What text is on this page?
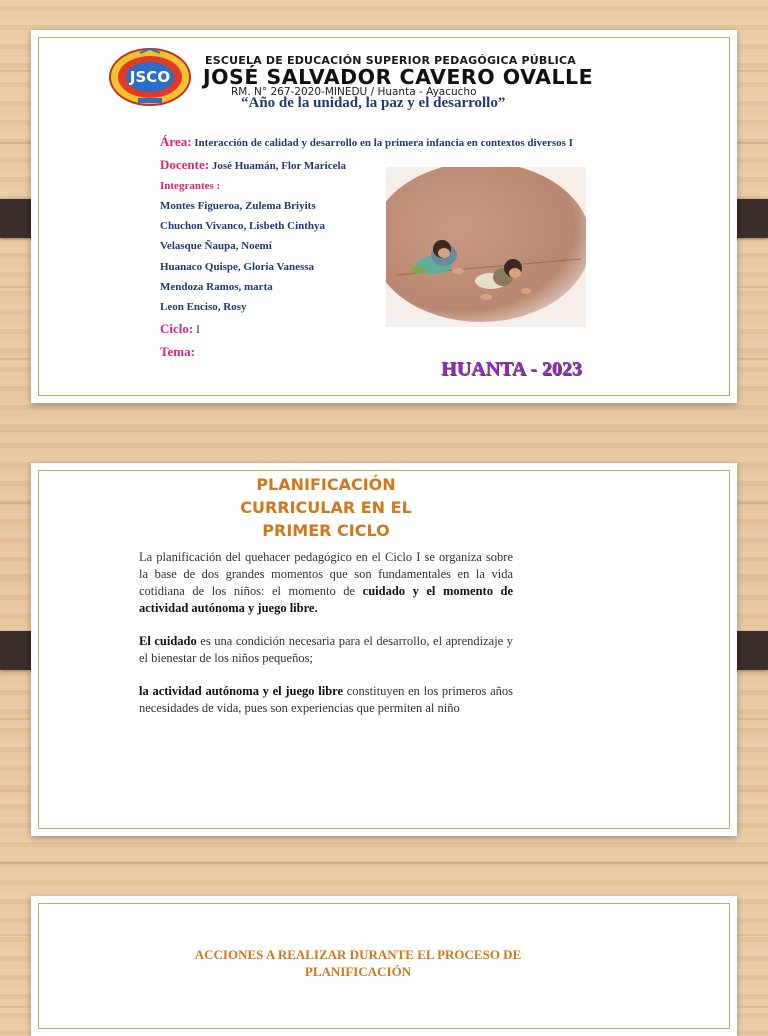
JSCO
ESCUELA DE EDUCACIÓN SUPERIOR PEDAGÓGICA PÚBLICA
JOSÉ SALVADOR CAVERO OVALLE
RM. N° 267-2020-MINEDU / Huanta - Ayacucho
“Año de la unidad, la paz y el desarrollo”
Área: Interacción de calidad y desarrollo en la primera infancia en contextos diversos I
Docente: José Huamán, Flor Maricela
Integrantes :
Montes Figueroa, Zulema Briyits
Chuchon Vivanco, Lisbeth Cinthya
Velasque Ñaupa, Noemí
Huanaco Quispe, Gloria Vanessa
Mendoza Ramos, marta
Leon Enciso, Rosy
Ciclo: I
Tema:
HUANTA - 2023
PLANIFICACIÓN
CURRICULAR EN EL
PRIMER CICLO

La planificación del quehacer pedagógico en el Ciclo I se organiza sobre la base de dos grandes momentos que son fundamentales en la vida cotidiana de los niños: el momento de cuidado y el momento de actividad autónoma y juego libre.

El cuidado es una condición necesaria para el desarrollo, el aprendizaje y el bienestar de los niños pequeños;

la actividad autónoma y el juego libre constituyen en los primeros años necesidades de vida, pues son experiencias que permiten al niño

ACCIONES A REALIZAR DURANTE EL PROCESO DE PLANIFICACIÓN
